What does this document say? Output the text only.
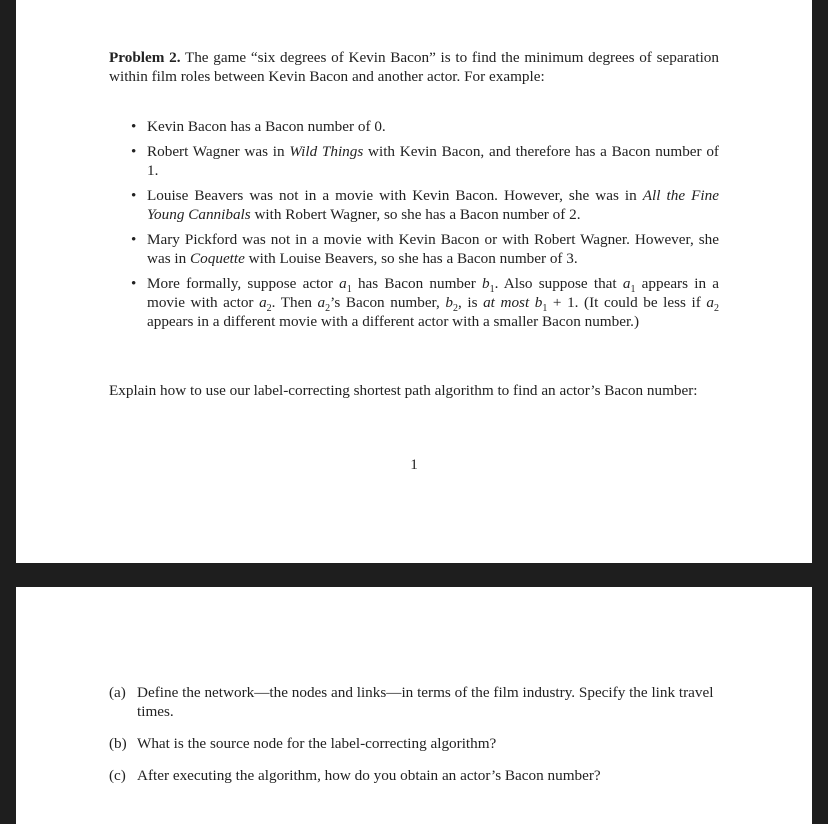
Problem 2. The game “six degrees of Kevin Bacon” is to find the minimum degrees of separation within film roles between Kevin Bacon and another actor. For example:

• Kevin Bacon has a Bacon number of 0.
• Robert Wagner was in Wild Things with Kevin Bacon, and therefore has a Bacon number of 1.
• Louise Beavers was not in a movie with Kevin Bacon. However, she was in All the Fine Young Cannibals with Robert Wagner, so she has a Bacon number of 2.
• Mary Pickford was not in a movie with Kevin Bacon or with Robert Wagner. However, she was in Coquette with Louise Beavers, so she has a Bacon number of 3.
• More formally, suppose actor $a_1$ has Bacon number $b_1$. Also suppose that $a_1$ appears in a movie with actor $a_2$. Then $a_2’s$ Bacon number, $b_2$, is at most $b_1 + 1$. (It could be less if $a_2$ appears in a different movie with a different actor with a smaller Bacon number.)

Explain how to use our label-correcting shortest path algorithm to find an actor’s Bacon number:

1
(a) Define the network—the nodes and links—in terms of the film industry. Specify the link travel times.
(b) What is the source node for the label-correcting algorithm?
(c) After executing the algorithm, how do you obtain an actor’s Bacon number?
